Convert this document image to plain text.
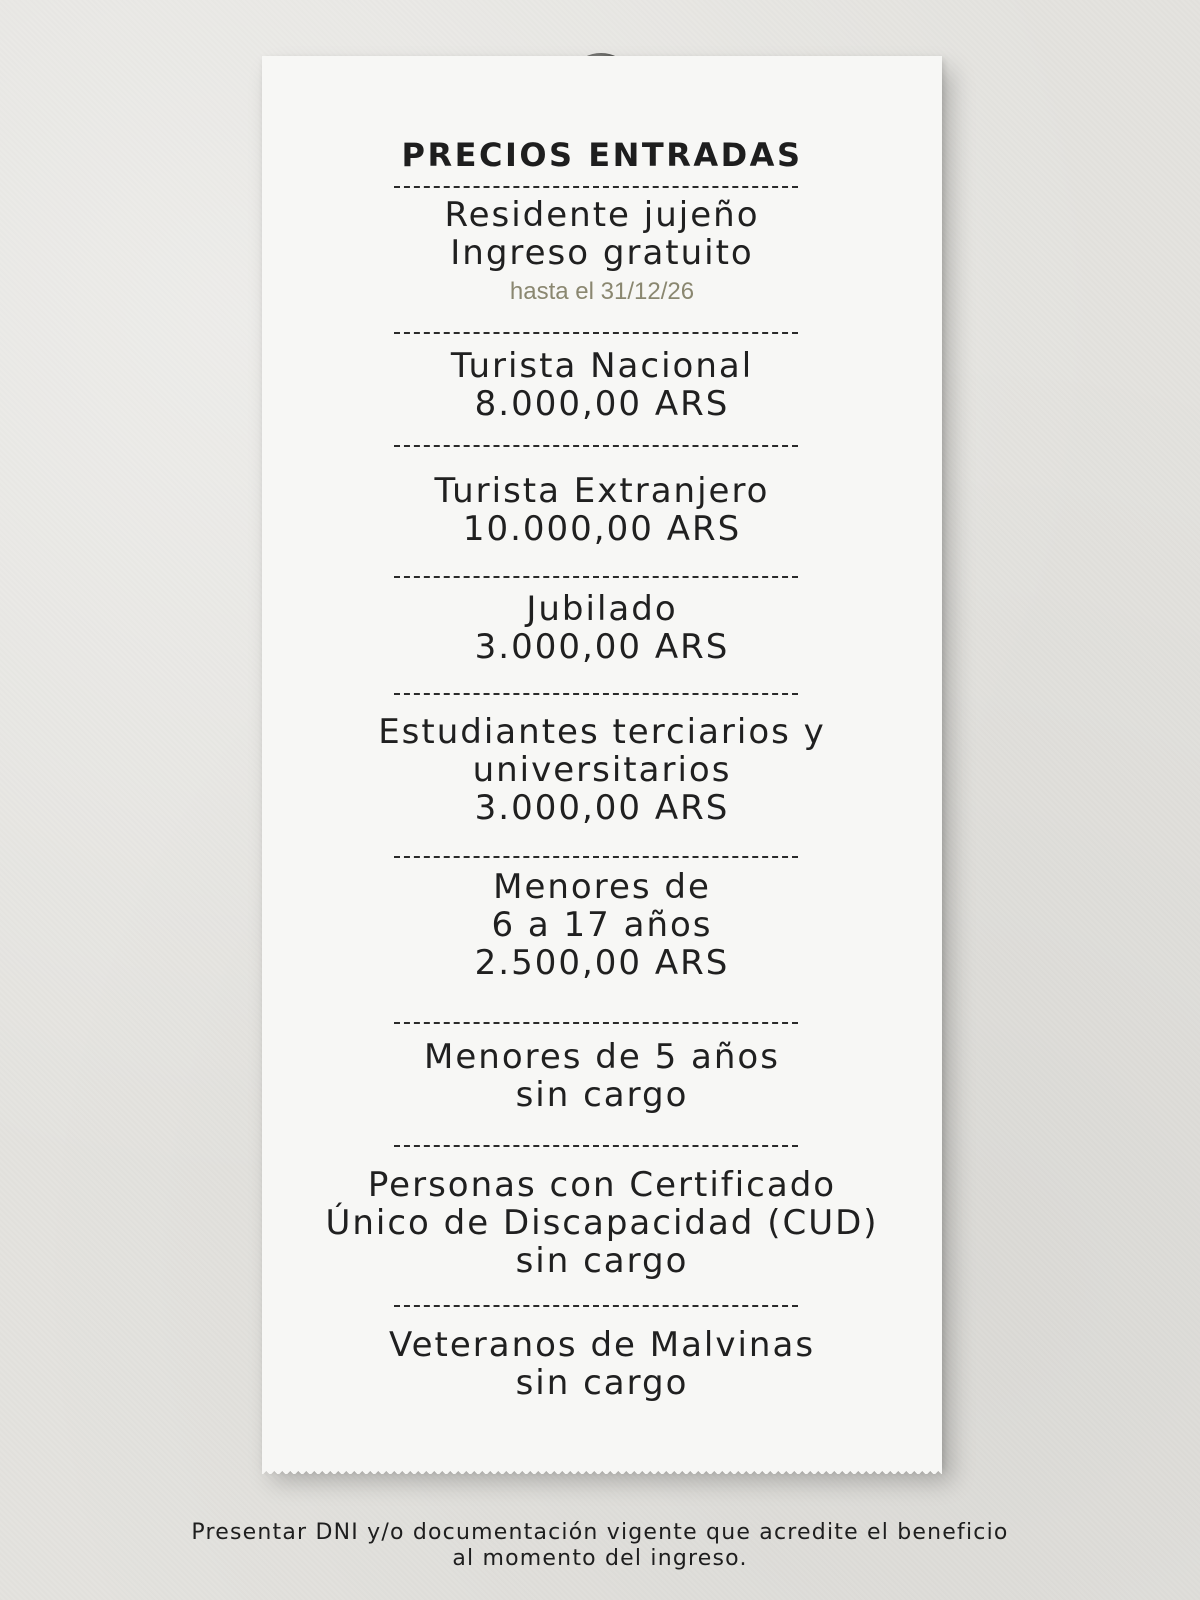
PRECIOS ENTRADAS
Residente jujeño
Ingreso gratuito
hasta el 31/12/26
Turista Nacional
8.000,00 ARS
Turista Extranjero
10.000,00 ARS
Jubilado
3.000,00 ARS
Estudiantes terciarios y
universitarios
3.000,00 ARS
Menores de
6 a 17 años
2.500,00 ARS
Menores de 5 años
sin cargo
Personas con Certificado
Único de Discapacidad (CUD)
sin cargo
Veteranos de Malvinas
sin cargo
Presentar DNI y/o documentación vigente que acredite el beneficio
al momento del ingreso.
